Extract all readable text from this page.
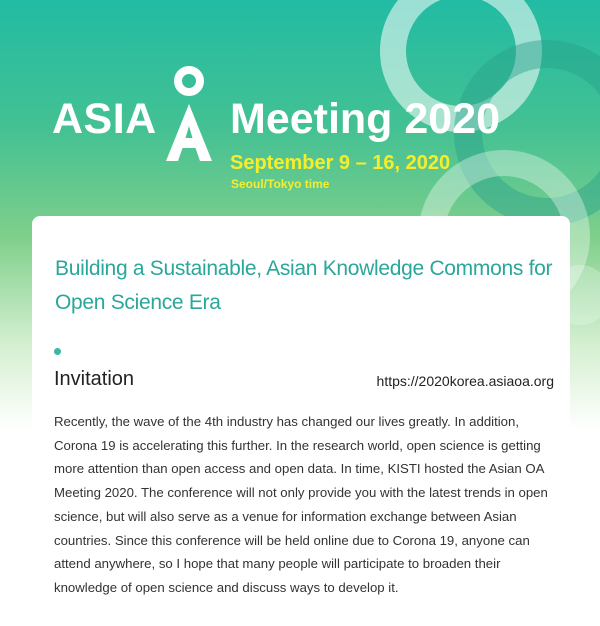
ASIA Meeting 2020
September 9 – 16, 2020
Seoul/Tokyo time
Building a Sustainable, Asian Knowledge Commons for Open Science Era
Invitation	https://2020korea.asiaoa.org
Recently, the wave of the 4th industry has changed our lives greatly. In addition, Corona 19 is accelerating this further. In the research world, open science is getting more attention than open access and open data. In time, KISTI hosted the Asian OA Meeting 2020. The conference will not only provide you with the latest trends in open science, but will also serve as a venue for information exchange between Asian countries. Since this conference will be held online due to Corona 19, anyone can attend anywhere, so I hope that many people will participate to broaden their knowledge of open science and discuss ways to develop it.
